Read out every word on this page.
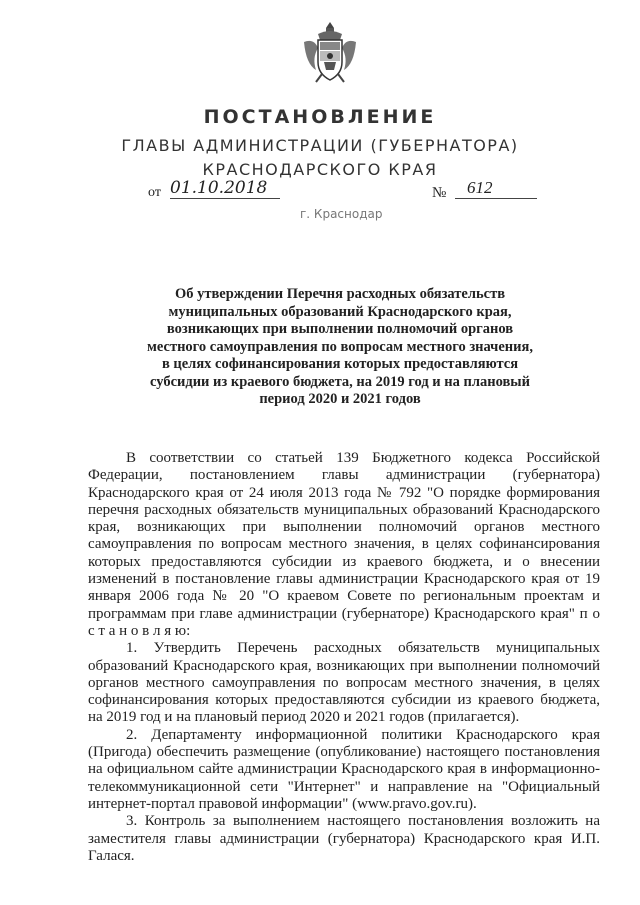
ПОСТАНОВЛЕНИЕ
ГЛАВЫ АДМИНИСТРАЦИИ (ГУБЕРНАТОРА)
КРАСНОДАРСКОГО КРАЯ
от 01.10.2018	№	612
г. Краснодар
Об утверждении Перечня расходных обязательств
муниципальных образований Краснодарского края,
возникающих при выполнении полномочий органов
местного самоуправления по вопросам местного значения,
в целях софинансирования которых предоставляются
субсидии из краевого бюджета, на 2019 год и на плановый
период 2020 и 2021 годов

В соответствии со статьей 139 Бюджетного кодекса Российской Федерации, постановлением главы администрации (губернатора) Краснодарского края от 24 июля 2013 года № 792 "О порядке формирования перечня расходных обязательств муниципальных образований Краснодарского края, возникающих при выполнении полномочий органов местного самоуправления по вопросам местного значения, в целях софинансирования которых предоставляются субсидии из краевого бюджета, и о внесении изменений в постановление главы администрации Краснодарского края от 19 января 2006 года № 20 "О краевом Совете по региональным проектам и программам при главе администрации (губернаторе) Краснодарского края" п о с т а н о в л я ю:

1. Утвердить Перечень расходных обязательств муниципальных образований Краснодарского края, возникающих при выполнении полномочий органов местного самоуправления по вопросам местного значения, в целях софинансирования которых предоставляются субсидии из краевого бюджета, на 2019 год и на плановый период 2020 и 2021 годов (прилагается).

2. Департаменту информационной политики Краснодарского края (Пригода) обеспечить размещение (опубликование) настоящего постановления на официальном сайте администрации Краснодарского края в информационно-телекоммуникационной сети "Интернет" и направление на "Официальный интернет-портал правовой информации" (www.pravo.gov.ru).

3. Контроль за выполнением настоящего постановления возложить на заместителя главы администрации (губернатора) Краснодарского края И.П. Галася.
